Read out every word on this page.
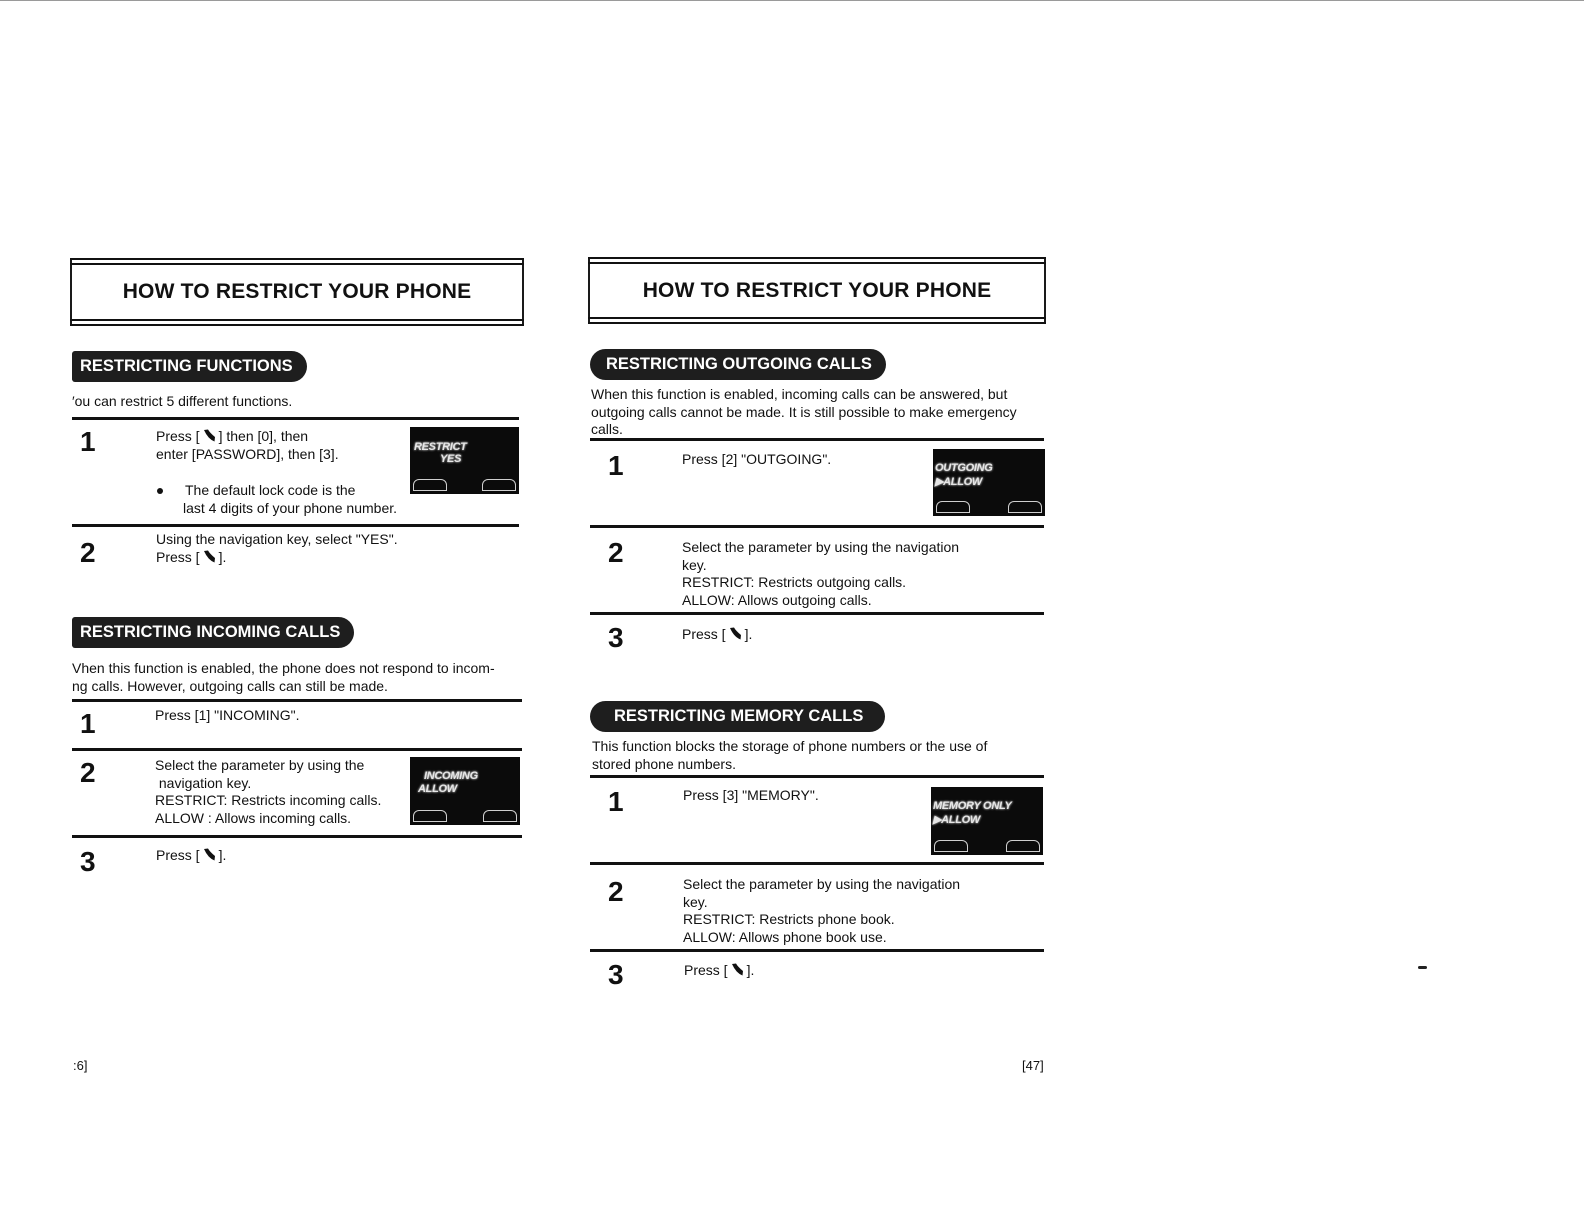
HOW TO RESTRICT YOUR PHONE
RESTRICTING FUNCTIONS
′ou can restrict 5 different functions.
1	Press [ ] then [0], then
enter [PASSWORD], then [3].
The default lock code is the
last 4 digits of your phone number.
RESTRICT
YES
2	Using the navigation key, select "YES".
Press [ ].
RESTRICTING INCOMING CALLS
Vhen this function is enabled, the phone does not respond to incom-
ng calls. However, outgoing calls can still be made.
1	Press [1] "INCOMING".
2	Select the parameter by using the
navigation key.
RESTRICT: Restricts incoming calls.
ALLOW : Allows incoming calls.
INCOMING
ALLOW
3	Press [ ].
:6]
HOW TO RESTRICT YOUR PHONE
RESTRICTING OUTGOING CALLS
When this function is enabled, incoming calls can be answered, but
outgoing calls cannot be made. It is still possible to make emergency
calls.
1	Press [2] "OUTGOING".
OUTGOING
▶ALLOW
2	Select the parameter by using the navigation
key.
RESTRICT: Restricts outgoing calls.
ALLOW: Allows outgoing calls.
3	Press [ ].
RESTRICTING MEMORY CALLS
This function blocks the storage of phone numbers or the use of
stored phone numbers.
1	Press [3] "MEMORY".
MEMORY ONLY
▶ALLOW
2	Select the parameter by using the navigation
key.
RESTRICT: Restricts phone book.
ALLOW: Allows phone book use.
3	Press [ ].
[47]
